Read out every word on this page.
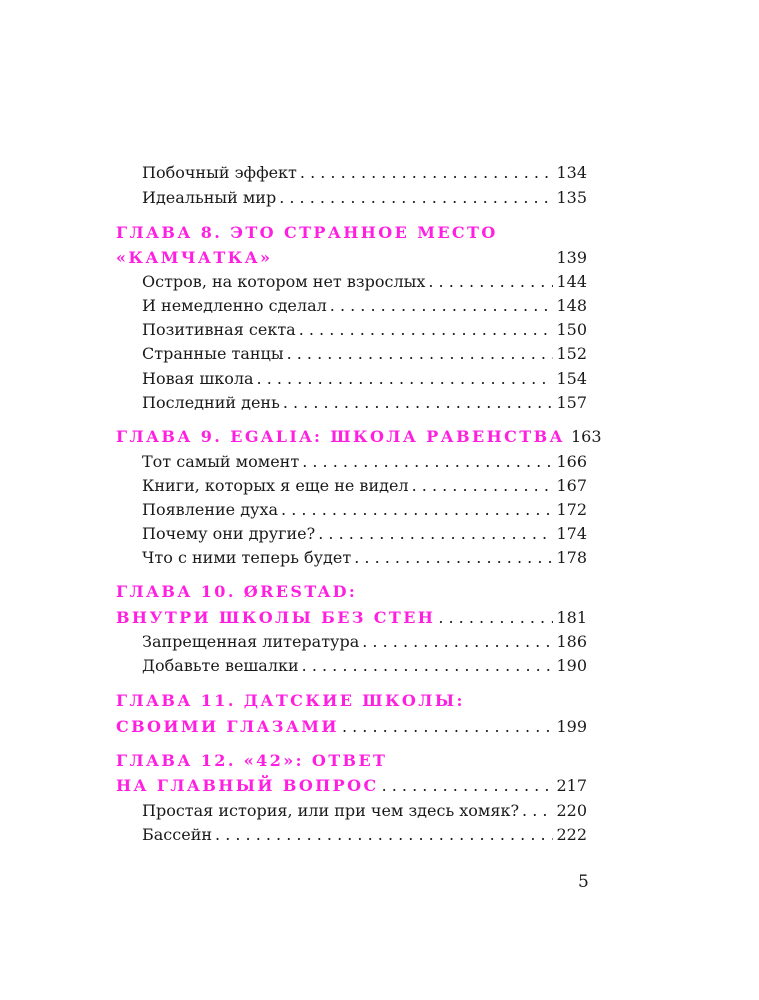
Побочный эффект . . .	134
Идеальный мир . . .	135
ГЛАВА 8. ЭТО СТРАННОЕ МЕСТО
«КАМЧАТКА»	139
Остров, на котором нет взрослых . . .	144
И немедленно сделал . . .	148
Позитивная секта . . .	150
Странные танцы . . .	152
Новая школа . . .	154
Последний день . . .	157
ГЛАВА 9. EGALIA: ШКОЛА РАВЕНСТВА 163
Тот самый момент . . .	166
Книги, которых я еще не видел . . .	167
Появление духа . . .	172
Почему они другие? . . .	174
Что с ними теперь будет . . .	178
ГЛАВА 10. ØRESTAD:
ВНУТРИ ШКОЛЫ БЕЗ СТЕН . . .	181
Запрещенная литература . . .	186
Добавьте вешалки . . .	190
ГЛАВА 11. ДАТСКИЕ ШКОЛЫ:
СВОИМИ ГЛАЗАМИ . . .	199
ГЛАВА 12. «42»: ОТВЕТ
НА ГЛАВНЫЙ ВОПРОС . . .	217
Простая история, или при чем здесь хомяк? . . . 220
Бассейн . . .	222
5
